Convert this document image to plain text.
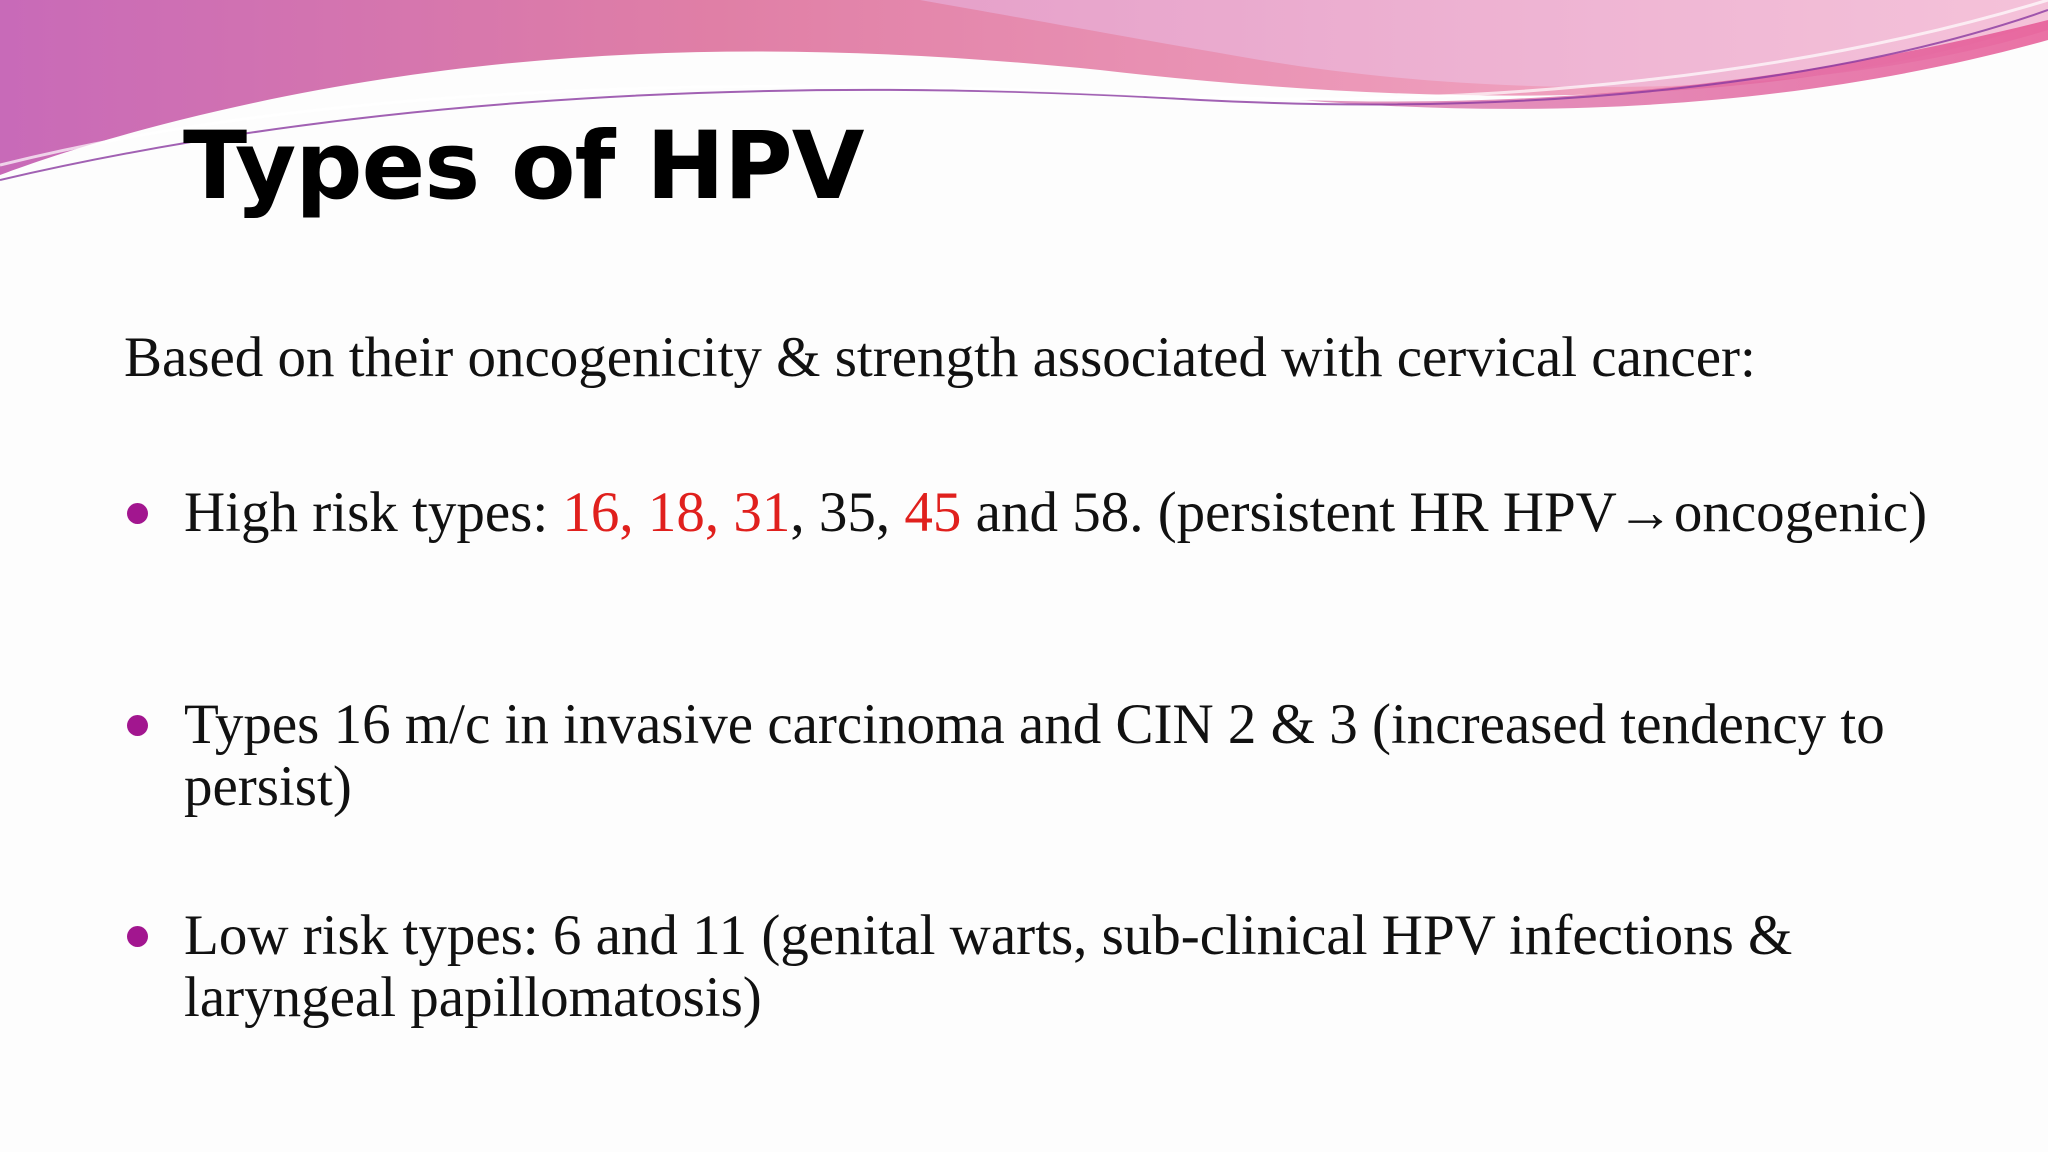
Types of HPV

Based on their oncogenicity & strength associated with cervical cancer:

High risk types: 16, 18, 31, 35, 45 and 58. (persistent HR HPV→oncogenic)

Types 16 m/c in invasive carcinoma and CIN 2 & 3 (increased tendency to persist)

Low risk types: 6 and 11 (genital warts, sub-clinical HPV infections & laryngeal papillomatosis)
